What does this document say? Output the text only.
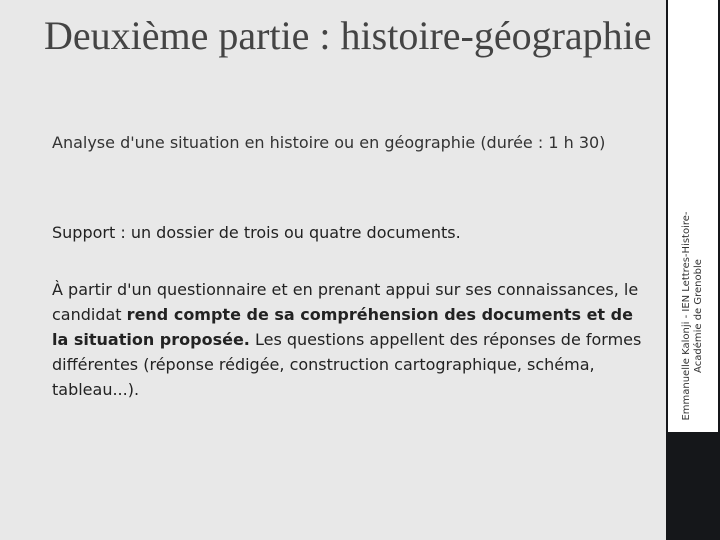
Deuxième partie : histoire-géographie
Analyse d'une situation en histoire ou en géographie (durée : 1 h 30)

Support : un dossier de trois ou quatre documents.

À partir d'un questionnaire et en prenant appui sur ses connaissances, le candidat rend compte de sa compréhension des documents et de la situation proposée. Les questions appellent des réponses de formes différentes (réponse rédigée, construction cartographique, schéma, tableau...).	Emmanuelle Kalonji - IEN Lettres-Histoire- Académie de Grenoble
